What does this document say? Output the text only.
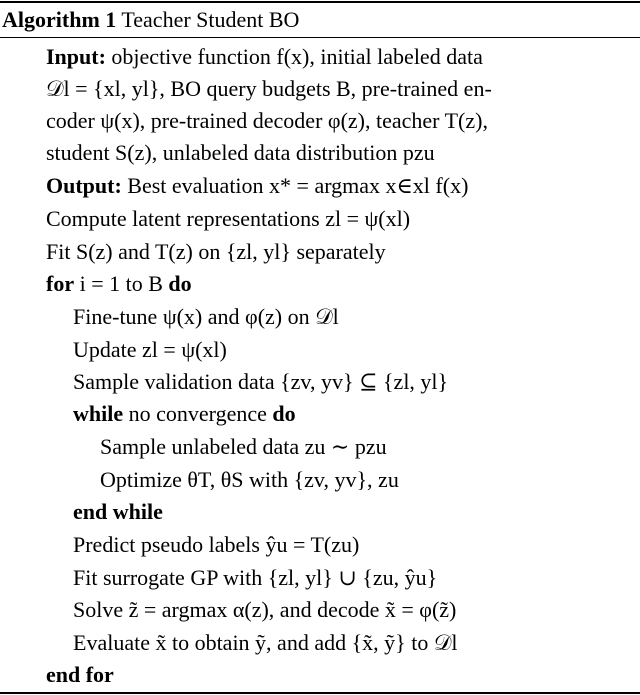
Algorithm 1 Teacher Student BO
Input: objective function f(x), initial labeled data
𝒟l = {xl, yl}, BO query budgets B, pre-trained en-
coder ψ(x), pre-trained decoder φ(z), teacher T(z),
student S(z), unlabeled data distribution pzu
Output: Best evaluation x* = argmax x∈xl f(x)
Compute latent representations zl = ψ(xl)
Fit S(z) and T(z) on {zl, yl} separately
for i = 1 to B do
Fine-tune ψ(x) and φ(z) on 𝒟l
Update zl = ψ(xl)
Sample validation data {zv, yv} ⊆ {zl, yl}
while no convergence do
Sample unlabeled data zu ∼ pzu
Optimize θT, θS with {zv, yv}, zu
end while
Predict pseudo labels ŷu = T(zu)
Fit surrogate GP with {zl, yl} ∪ {zu, ŷu}
Solve z̃ = argmax α(z), and decode x̃ = φ(z̃)
Evaluate x̃ to obtain ỹ, and add {x̃, ỹ} to 𝒟l
end for
